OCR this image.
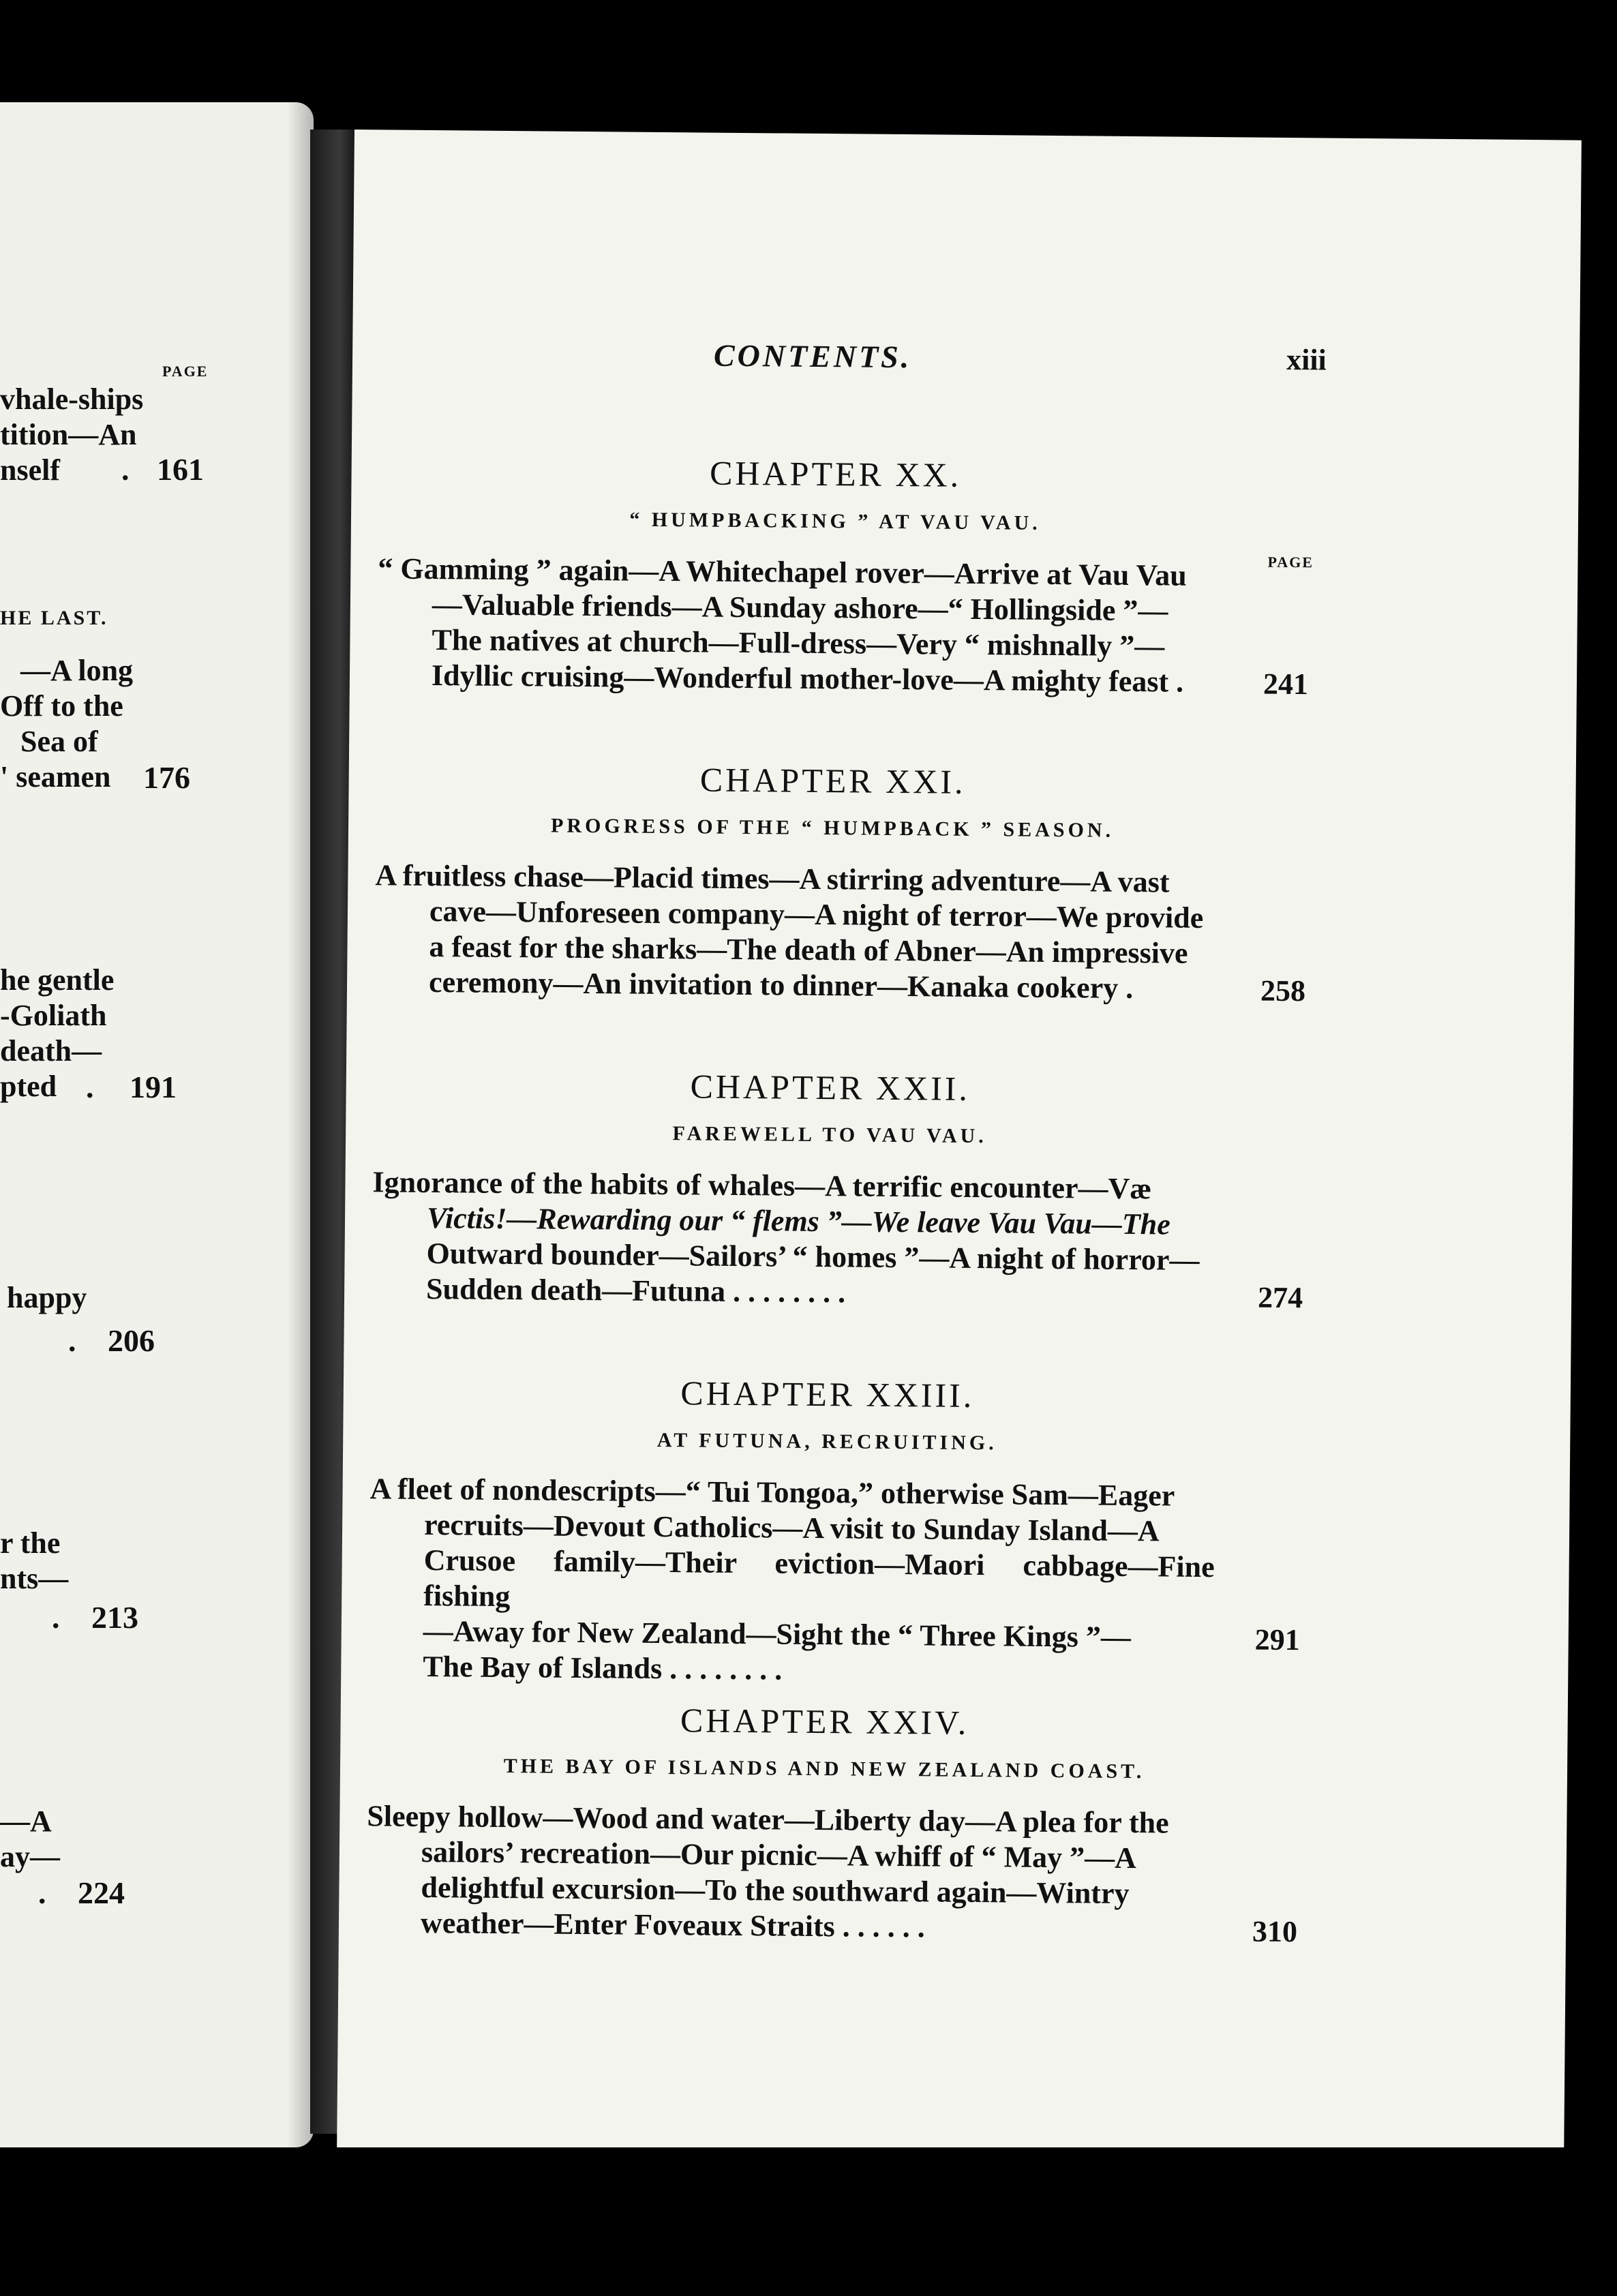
PAGE
vhale-ships
tition—An
nself . 161
HE LAST.
—A long
Off to the
Sea of
' seamen 176
he gentle
-Goliath
death—
pted . 191
happy
. 206
r the
nts—
. 213
—A
ay—
. 224
CONTENTS.	xiii
CHAPTER XX.
“ HUMPBACKING ” AT VAU VAU.
PAGE
“ Gamming ” again—A Whitechapel rover—Arrive at Vau Vau
—Valuable friends—A Sunday ashore—“ Hollingside ”—
The natives at church—Full-dress—Very “ mishnally ”—
Idyllic cruising—Wonderful mother-love—A mighty feast .	241
CHAPTER XXI.
PROGRESS OF THE “ HUMPBACK ” SEASON.
A fruitless chase—Placid times—A stirring adventure—A vast
cave—Unforeseen company—A night of terror—We provide
a feast for the sharks—The death of Abner—An impressive
ceremony—An invitation to dinner—Kanaka cookery .	258
CHAPTER XXII.
FAREWELL TO VAU VAU.
Ignorance of the habits of whales—A terrific encounter—Væ
Victis!—Rewarding our “ flems ”—We leave Vau Vau—The
Outward bounder—Sailors’ “ homes ”—A night of horror—
Sudden death—Futuna . . . . . . . .	274
CHAPTER XXIII.
AT FUTUNA, RECRUITING.
A fleet of nondescripts—“ Tui Tongoa,” otherwise Sam—Eager
recruits—Devout Catholics—A visit to Sunday Island—A
Crusoe family—Their eviction—Maori cabbage—Fine fishing
—Away for New Zealand—Sight the “ Three Kings ”—
The Bay of Islands . . . . . . . .
291
CHAPTER XXIV.
THE BAY OF ISLANDS AND NEW ZEALAND COAST.
Sleepy hollow—Wood and water—Liberty day—A plea for the
sailors’ recreation—Our picnic—A whiff of “ May ”—A
delightful excursion—To the southward again—Wintry
weather—Enter Foveaux Straits . . . . . .	310
